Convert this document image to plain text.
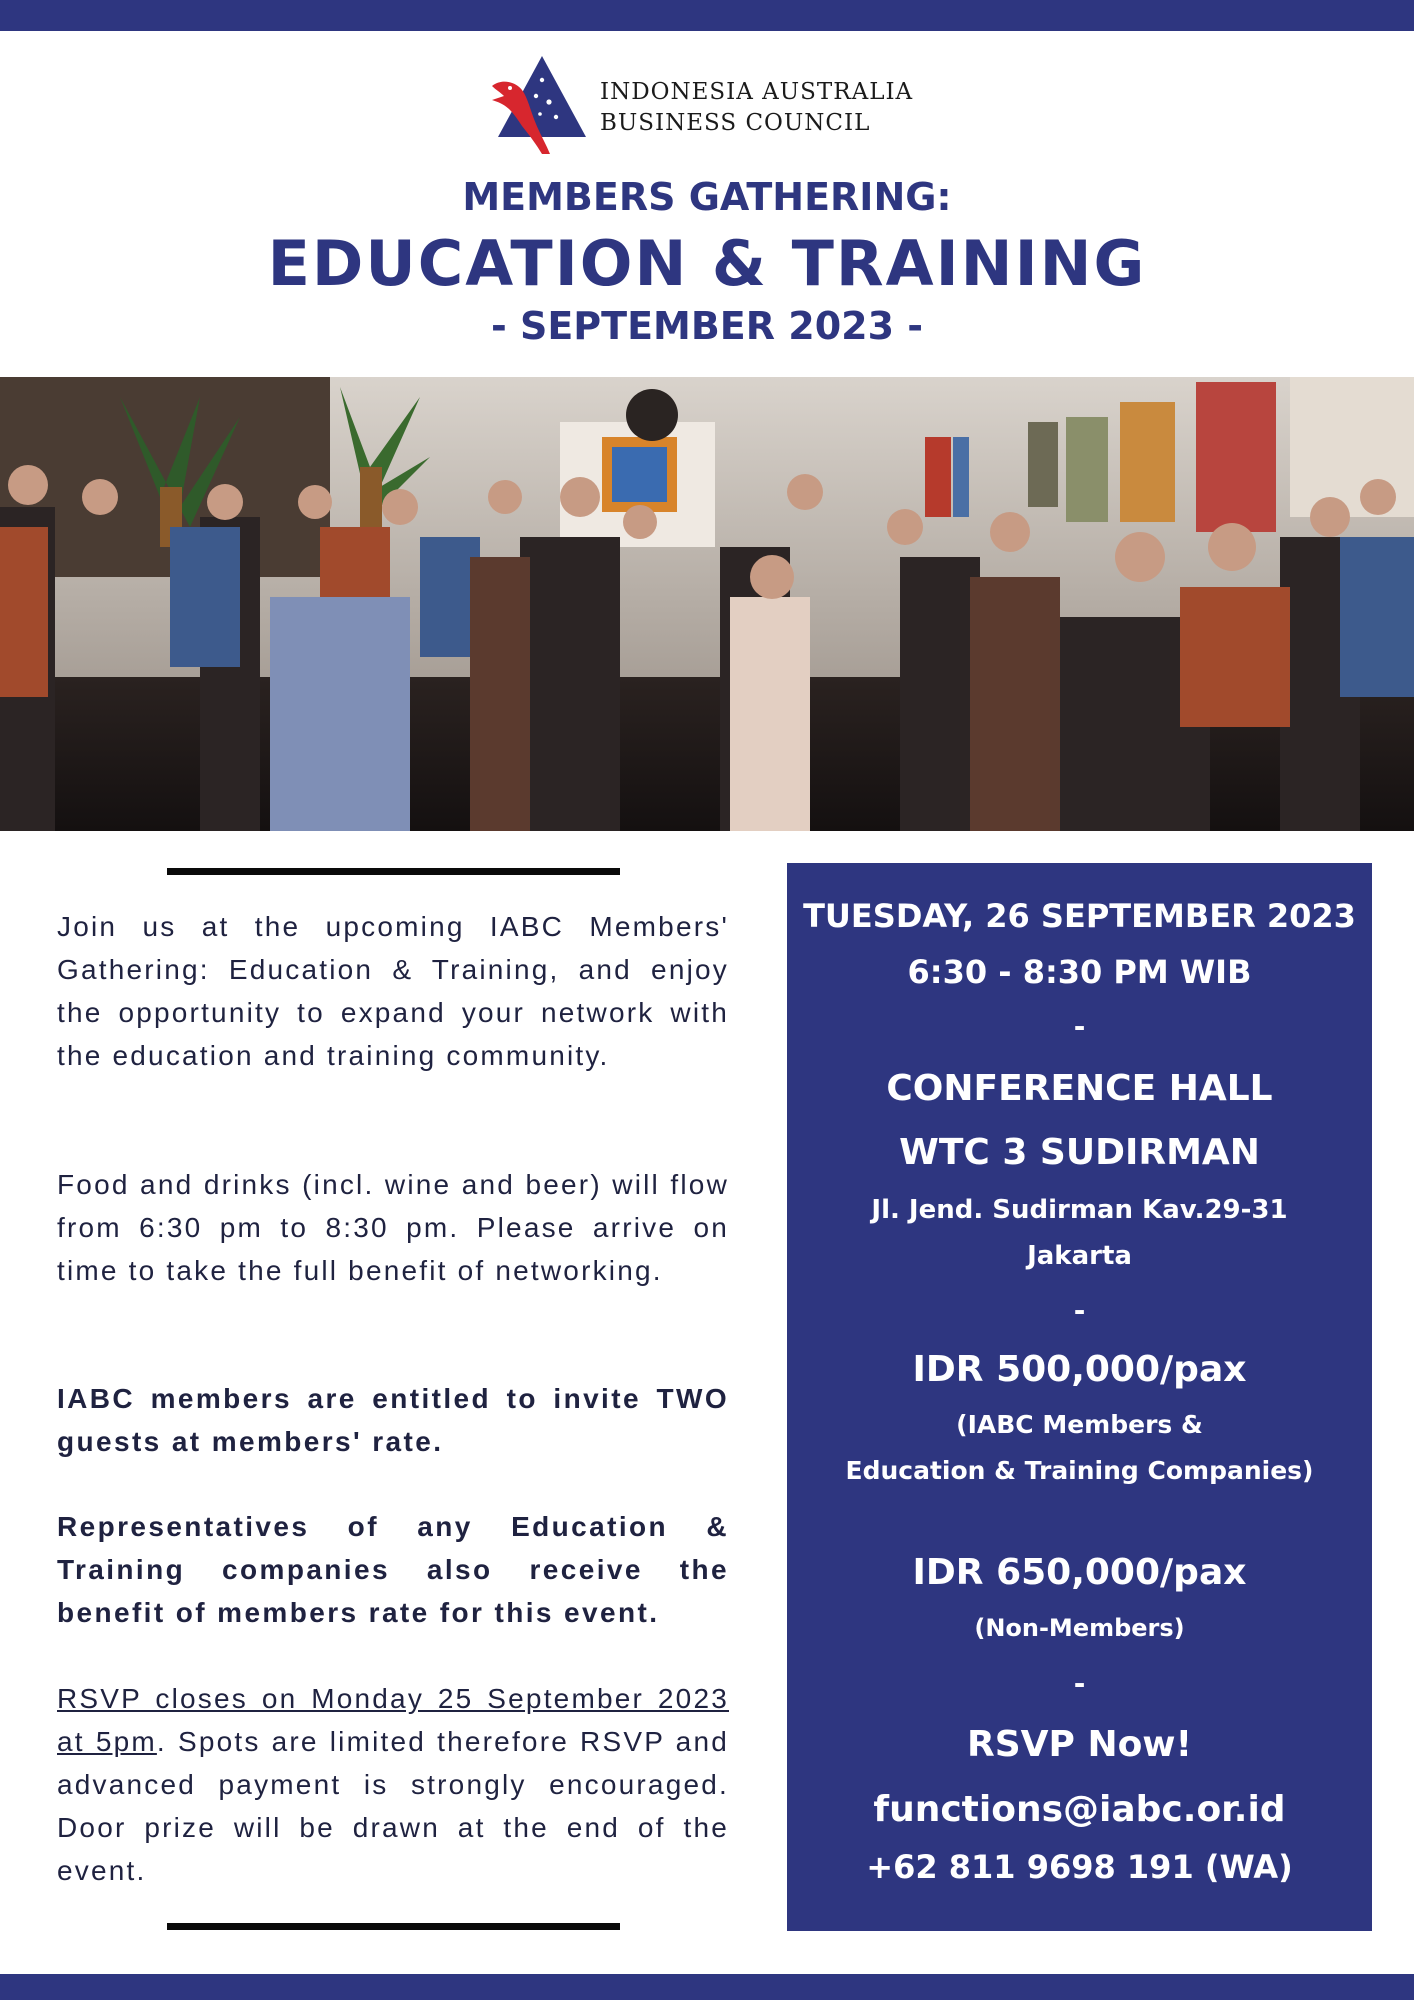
INDONESIA AUSTRALIA
BUSINESS COUNCIL
MEMBERS GATHERING:
EDUCATION & TRAINING
- SEPTEMBER 2023 -
Join us at the upcoming IABC Members' Gathering: Education & Training, and enjoy the opportunity to expand your network with the education and training community.
Food and drinks (incl. wine and beer) will flow from 6:30 pm to 8:30 pm. Please arrive on time to take the full benefit of networking.
IABC members are entitled to invite TWO guests at members' rate.
Representatives of any Education & Training companies also receive the benefit of members rate for this event.
RSVP closes on Monday 25 September 2023 at 5pm. Spots are limited therefore RSVP and advanced payment is strongly encouraged. Door prize will be drawn at the end of the event.
TUESDAY, 26 SEPTEMBER 2023
6:30 - 8:30 PM WIB
-
CONFERENCE HALL
WTC 3 SUDIRMAN
Jl. Jend. Sudirman Kav.29-31
Jakarta
-
IDR 500,000/pax
(IABC Members &
Education & Training Companies)
IDR 650,000/pax
(Non-Members)
-
RSVP Now!
functions@iabc.or.id
+62 811 9698 191 (WA)
